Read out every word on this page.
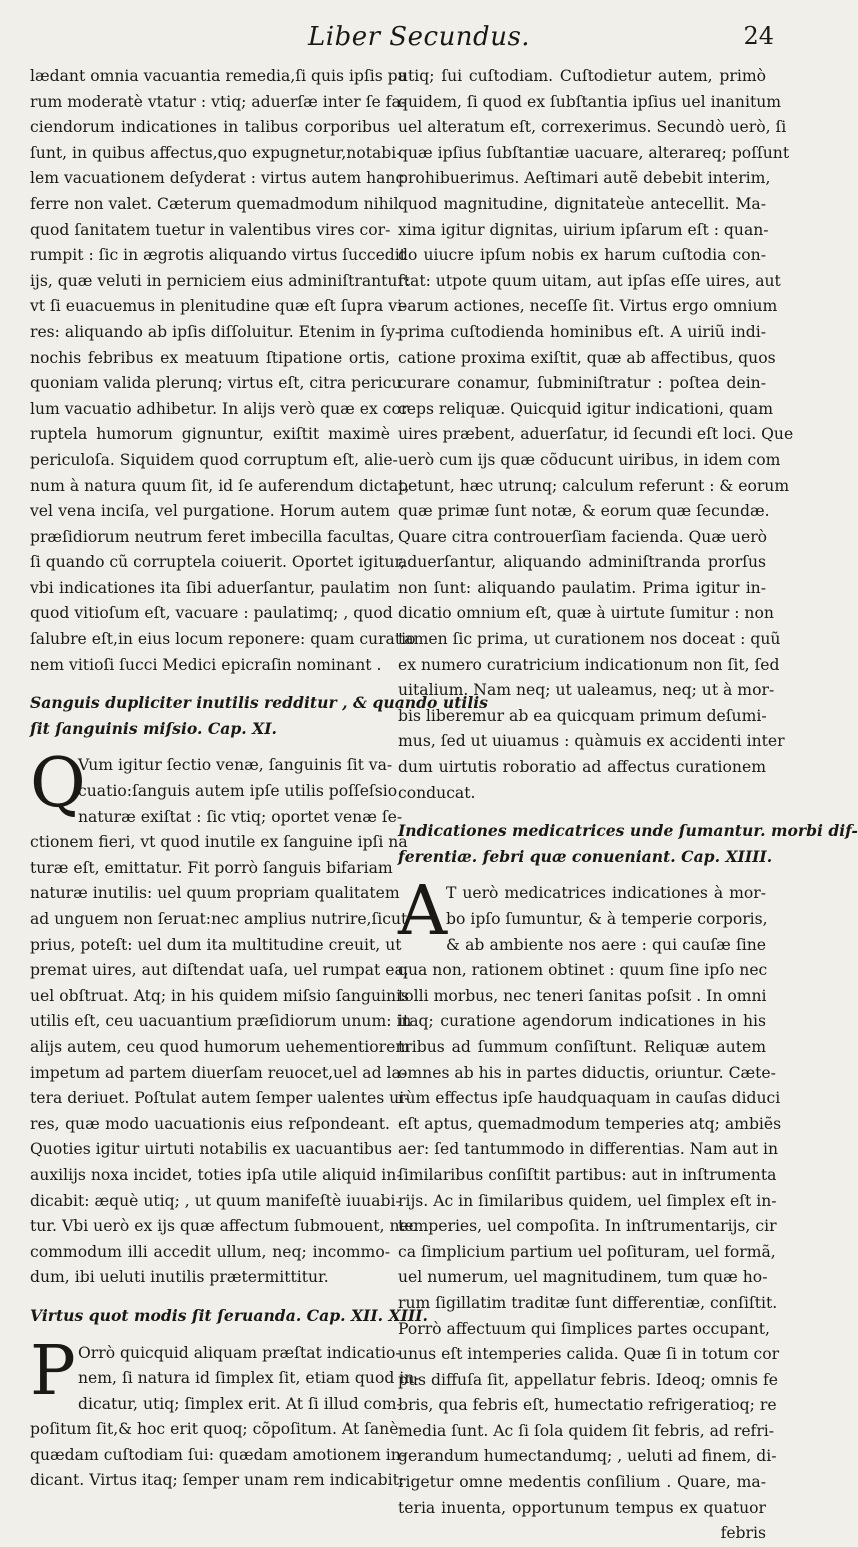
Liber Secundus.	24
lædant omnia vacuantia remedia,ſi quis ipſis pa
rum moderatè vtatur : vtiq; aduerſæ inter ſe fa-
ciendorum indicationes in talibus corporibus
ſunt, in quibus affectus,quo expugnetur,notabi-
lem vacuationem deſyderat : virtus autem hanc
ferre non valet. Cæterum quemadmodum nihil
quod ſanitatem tuetur in valentibus vires cor-
rumpit : ſic in ægrotis aliquando virtus ſuccedit
ijs, quæ veluti in perniciem eius adminiſtrantur:
vt ſi euacuemus in plenitudine quæ eſt ſupra vi-
res: aliquando ab ipſis diſſoluitur. Etenim in ſy-
nochis febribus ex meatuum ſtipatione ortis,
quoniam valida plerunq; virtus eſt, citra pericu
lum vacuatio adhibetur. In alijs verò quæ ex cor
ruptela humorum gignuntur, exiſtit maximè
periculoſa. Siquidem quod corruptum eſt, alie-
num à natura quum ſit, id ſe auferendum dictat,
vel vena inciſa, vel purgatione. Horum autem
præſidiorum neutrum feret imbecilla facultas,
ſi quando cũ corruptela coiuerit. Oportet igitur,
vbi indicationes ita ſibi aduerſantur, paulatim
quod vitioſum eſt, vacuare : paulatimq; , quod
ſalubre eſt,in eius locum reponere: quam curatio
nem vitioſi ſucci Medici epicraſin nominant .
Sanguis dupliciter inutilis redditur , & quando utilis
ſit ſanguinis miſsio. Cap. XI.
Q
Vum igitur ſectio venæ, ſanguinis ſit va-
cuatio:ſanguis autem ipſe utilis poſſeſsio
naturæ exiſtat : ſic vtiq; oportet venæ ſe-
ctionem fieri, vt quod inutile ex ſanguine ipſi na
turæ eſt, emittatur. Fit porrò ſanguis bifariam
naturæ inutilis: uel quum propriam qualitatem
ad unguem non ſeruat:nec amplius nutrire,ſicut
prius, poteſt: uel dum ita multitudine creuit, ut
premat uires, aut diſtendat uaſa, uel rumpat ea,
uel obſtruat. Atq; in his quidem miſsio ſanguinis
utilis eſt, ceu uacuantium præſidiorum unum: in
alijs autem, ceu quod humorum uehementiorem
impetum ad partem diuerſam reuocet,uel ad la-
tera deriuet. Poſtulat autem ſemper ualentes ui-
res, quæ modo uacuationis eius reſpondeant.
Quoties igitur uirtuti notabilis ex uacuantibus
auxilijs noxa incidet, toties ipſa utile aliquid in-
dicabit: æquè utiq; , ut quum manifeſtè iuuabi-
tur. Vbi uerò ex ijs quæ affectum ſubmouent, nec
commodum illi accedit ullum, neq; incommo-
dum, ibi ueluti inutilis prætermittitur.
Virtus quot modis ſit ſeruanda. Cap. XII. XIII.
P Orrò quicquid aliquam præſtat indicatio-
nem, ſi natura id ſimplex ſit, etiam quod in-
dicatur, utiq; ſimplex erit. At ſi illud com-
poſitum ſit,& hoc erit quoq; cõpoſitum. At ſanè
quædam cuſtodiam ſui: quædam amotionem in-
dicant. Virtus itaq; ſemper unam rem indicabit:
utiq; ſui cuſtodiam. Cuſtodietur autem, primò
quidem, ſi quod ex ſubſtantia ipſius uel inanitum
uel alteratum eſt, correxerimus. Secundò uerò, ſi
quæ ipſius ſubſtantiæ uacuare, alterareq; poſſunt
prohibuerimus. Aeſtimari autẽ debebit interim,
quod magnitudine, dignitateùe antecellit. Ma-
xima igitur dignitas, uirium ipſarum eſt : quan-
do uiucre ipſum nobis ex harum cuſtodia con-
ſtat: utpote quum uitam, aut ipſas eſſe uires, aut
earum actiones, neceſſe ſit. Virtus ergo omnium
prima cuſtodienda hominibus eſt. A uiriũ indi-
catione proxima exiſtit, quæ ab affectibus, quos
curare conamur, ſubminiſtratur : poſtea dein-
ceps reliquæ. Quicquid igitur indicationi, quam
uires præbent, aduerſatur, id ſecundi eſt loci. Que
uerò cum ijs quæ cõducunt uiribus, in idem com
petunt, hæc utrunq; calculum referunt : & eorum
quæ primæ ſunt notæ, & eorum quæ ſecundæ.
Quare citra controuerſiam facienda. Quæ uerò
aduerſantur, aliquando adminiſtranda prorſus
non ſunt: aliquando paulatim. Prima igitur in-
dicatio omnium eſt, quæ à uirtute ſumitur : non
tamen ſic prima, ut curationem nos doceat : quũ
ex numero curatricium indicationum non ſit, ſed
uitalium. Nam neq; ut ualeamus, neq; ut à mor-
bis liberemur ab ea quicquam primum deſumi-
mus, ſed ut uiuamus : quàmuis ex accidenti inter
dum uirtutis roboratio ad affectus curationem
conducat.
Indicationes medicatrices unde ſumantur. morbi dif-
ferentiæ. febri quæ conueniant. Cap. XIIII.
A
T uerò medicatrices indicationes à mor-
bo ipſo ſumuntur, & à temperie corporis,
& ab ambiente nos aere : qui cauſæ ſine
qua non, rationem obtinet : quum ſine ipſo nec
tolli morbus, nec teneri ſanitas poſsit . In omni
itaq; curatione agendorum indicationes in his
tribus ad ſummum conſiſtunt. Reliquæ autem
omnes ab his in partes diductis, oriuntur. Cæte-
rùm effectus ipſe haudquaquam in cauſas diduci
eſt aptus, quemadmodum temperies atq; ambiẽs
aer: ſed tantummodo in differentias. Nam aut in
ſimilaribus conſiſtit partibus: aut in inſtrumenta
rijs. Ac in ſimilaribus quidem, uel ſimplex eſt in-
temperies, uel compoſita. In inſtrumentarijs, cir
ca ſimplicium partium uel poſituram, uel formã,
uel numerum, uel magnitudinem, tum quæ ho-
rum ſigillatim traditæ ſunt differentiæ, conſiſtit.
Porrò affectuum qui ſimplices partes occupant,
unus eſt intemperies calida. Quæ ſi in totum cor
pus diffuſa ſit, appellatur febris. Ideoq; omnis fe
bris, qua febris eſt, humectatio refrigeratioq; re
media ſunt. Ac ſi ſola quidem ſit febris, ad refri-
gerandum humectandumq; , ueluti ad finem, di-
rigetur omne medentis conſilium . Quare, ma-
teria inuenta, opportunum tempus ex quatuor
febris
